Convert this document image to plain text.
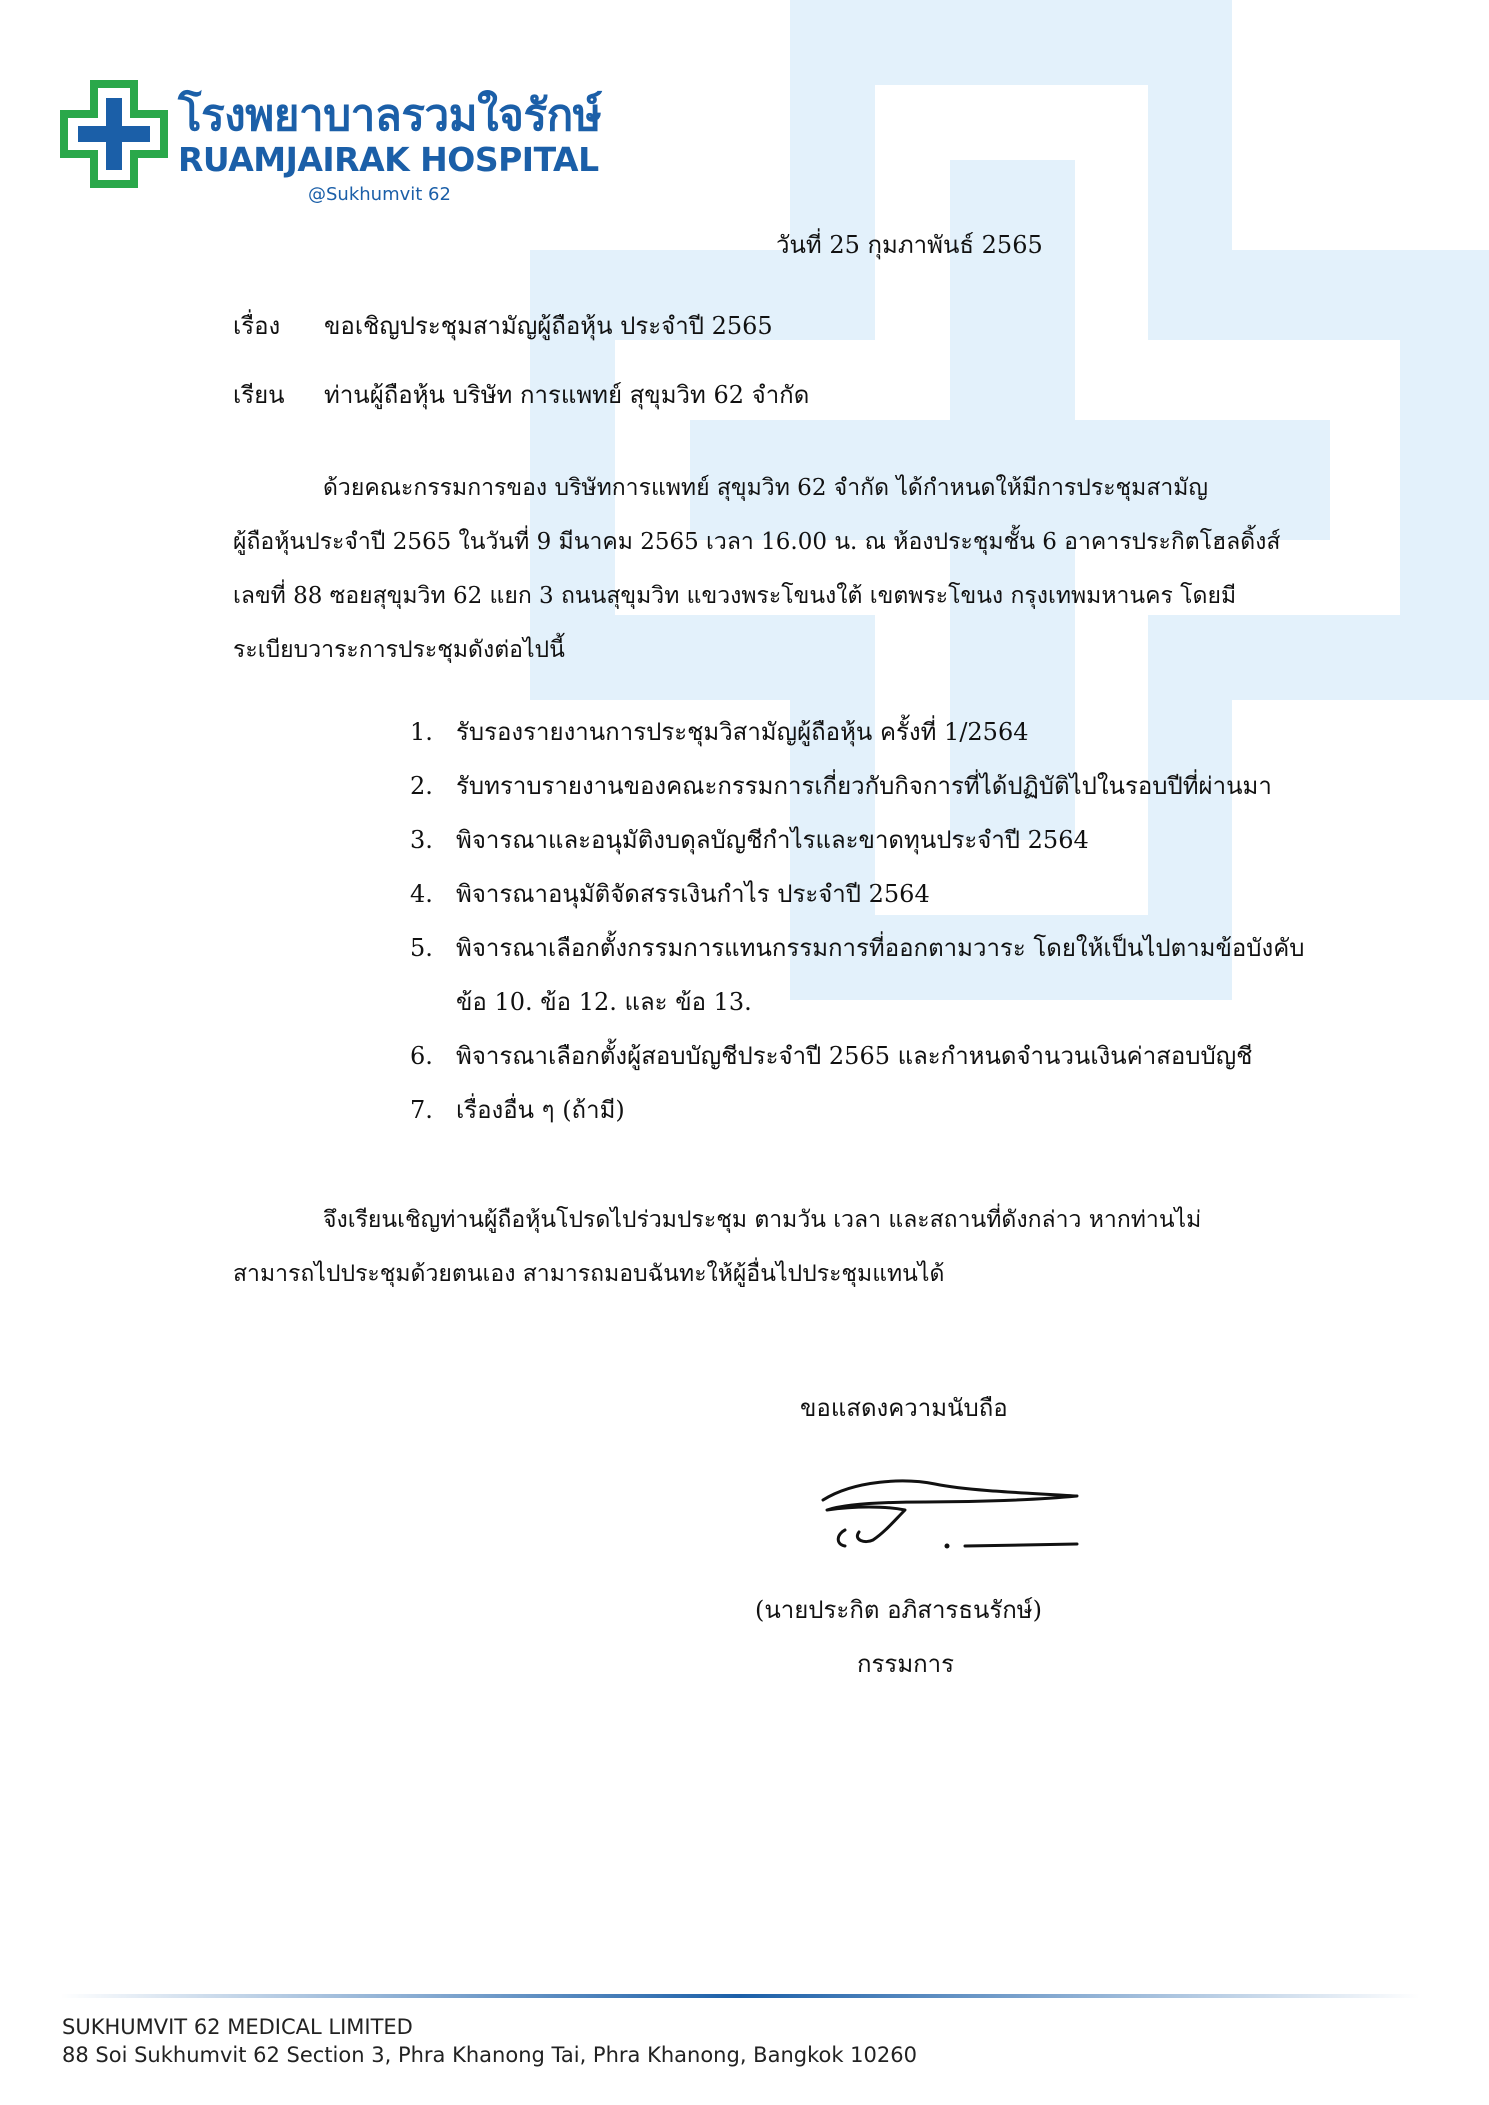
โรงพยาบาลรวมใจรักษ์
RUAMJAIRAK HOSPITAL
@Sukhumvit 62
วันที่ 25 กุมภาพันธ์ 2565
เรื่อง ขอเชิญประชุมสามัญผู้ถือหุ้น ประจำปี 2565
เรียน ท่านผู้ถือหุ้น บริษัท การแพทย์ สุขุมวิท 62 จำกัด
ด้วยคณะกรรมการของ บริษัทการแพทย์ สุขุมวิท 62 จำกัด ได้กำหนดให้มีการประชุมสามัญ
ผู้ถือหุ้นประจำปี 2565 ในวันที่ 9 มีนาคม 2565 เวลา 16.00 น. ณ ห้องประชุมชั้น 6 อาคารประกิตโฮลดิ้งส์
เลขที่ 88 ซอยสุขุมวิท 62 แยก 3 ถนนสุขุมวิท แขวงพระโขนงใต้ เขตพระโขนง กรุงเทพมหานคร โดยมี
ระเบียบวาระการประชุมดังต่อไปนี้
1. รับรองรายงานการประชุมวิสามัญผู้ถือหุ้น ครั้งที่ 1/2564
2. รับทราบรายงานของคณะกรรมการเกี่ยวกับกิจการที่ได้ปฏิบัติไปในรอบปีที่ผ่านมา
3. พิจารณาและอนุมัติงบดุลบัญชีกำไรและขาดทุนประจำปี 2564
4. พิจารณาอนุมัติจัดสรรเงินกำไร ประจำปี 2564
5. พิจารณาเลือกตั้งกรรมการแทนกรรมการที่ออกตามวาระ โดยให้เป็นไปตามข้อบังคับ
ข้อ 10. ข้อ 12. และ ข้อ 13.
6. พิจารณาเลือกตั้งผู้สอบบัญชีประจำปี 2565 และกำหนดจำนวนเงินค่าสอบบัญชี
7. เรื่องอื่น ๆ (ถ้ามี)
จึงเรียนเชิญท่านผู้ถือหุ้นโปรดไปร่วมประชุม ตามวัน เวลา และสถานที่ดังกล่าว หากท่านไม่
สามารถไปประชุมด้วยตนเอง สามารถมอบฉันทะให้ผู้อื่นไปประชุมแทนได้
ขอแสดงความนับถือ
(นายประกิต อภิสารธนรักษ์)
กรรมการ
SUKHUMVIT 62 MEDICAL LIMITED
88 Soi Sukhumvit 62 Section 3, Phra Khanong Tai, Phra Khanong, Bangkok 10260
